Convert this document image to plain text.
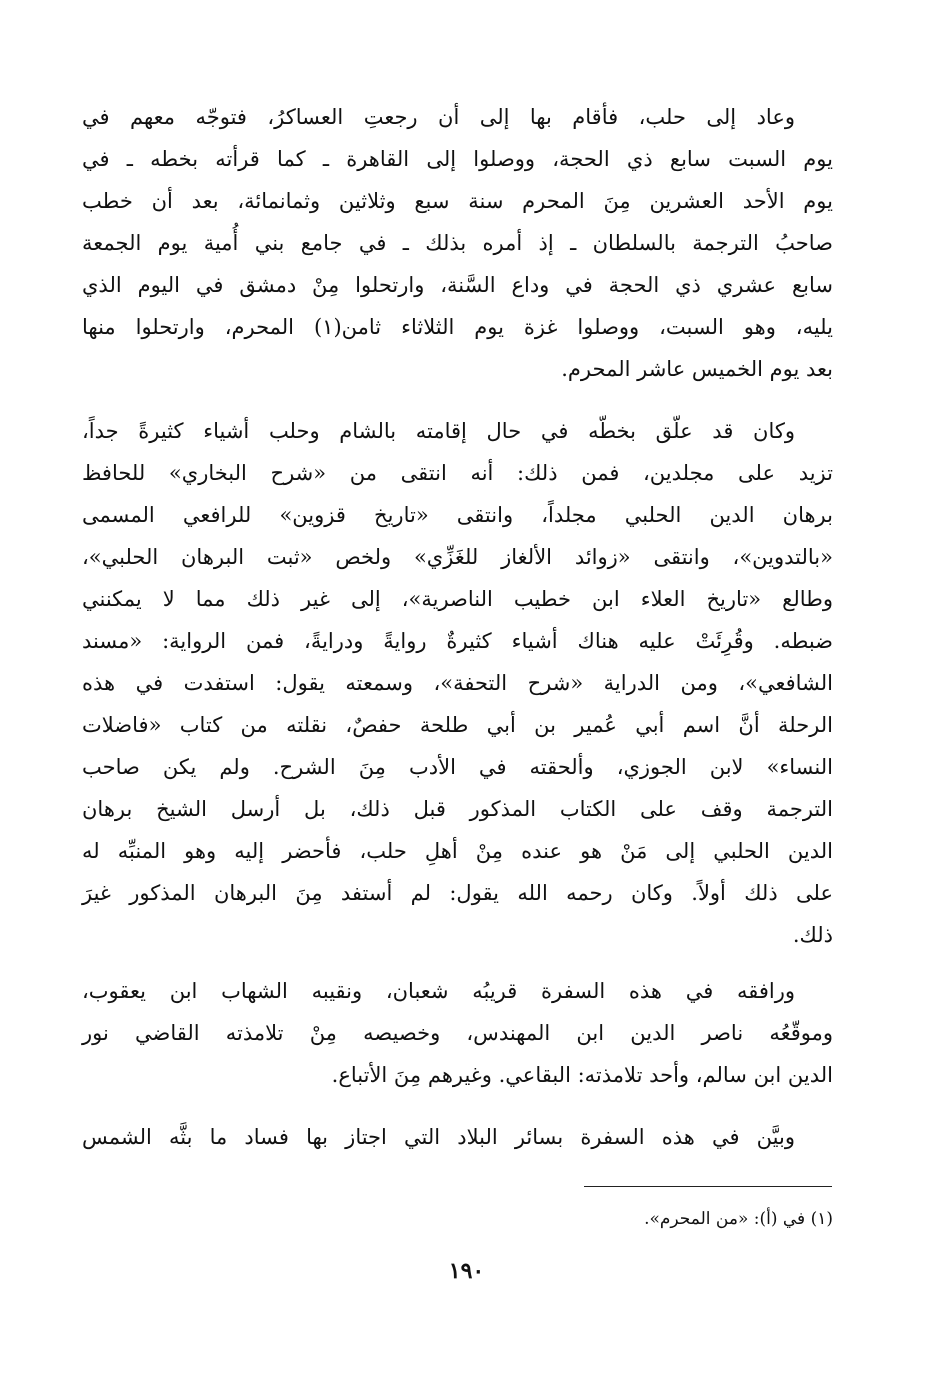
وعاد إلى حلب، فأقام بها إلى أن رجعتِ العساكرُ، فتوجّه معهم في
يوم السبت سابع ذي الحجة، ووصلوا إلى القاهرة ـ كما قرأته بخطه ـ في
يوم الأحد العشرين مِنَ المحرم سنة سبع وثلاثين وثمانمائة، بعد أن خطب
صاحبُ الترجمة بالسلطان ـ إذ أمره بذلك ـ في جامع بني أُمية يوم الجمعة
سابع عشري ذي الحجة في وداع السَّنة، وارتحلوا مِنْ دمشق في اليوم الذي
يليه، وهو السبت، ووصلوا غزة يوم الثلاثاء ثامن(١) المحرم، وارتحلوا منها
بعد يوم الخميس عاشر المحرم.
وكان قد علّق بخطّه في حال إقامته بالشام وحلب أشياء كثيرةً جداً،
تزيد على مجلدين، فمن ذلك: أنه انتقى من «شرح البخاري» للحافظ
برهان الدين الحلبي مجلداً، وانتقى «تاريخ قزوين» للرافعي المسمى
«بالتدوين»، وانتقى «زوائد الألغاز للغَزِّي» ولخص «ثبت البرهان الحلبي»،
وطالع «تاريخ العلاء ابن خطيب الناصرية»، إلى غير ذلك مما لا يمكنني
ضبطه. وقُرِئَتْ عليه هناك أشياء كثيرةٌ روايةً ودرايةً، فمن الرواية: «مسند
الشافعي»، ومن الدراية «شرح التحفة»، وسمعته يقول: استفدت في هذه
الرحلة أنَّ اسم أبي عُمير بن أبي طلحة حفصٌ، نقلته من كتاب «فاضلات
النساء» لابن الجوزي، وألحقته في الأدب مِنَ الشرح. ولم يكن صاحب
الترجمة وقف على الكتاب المذكور قبل ذلك، بل أرسل الشيخ برهان
الدين الحلبي إلى مَنْ هو عنده مِنْ أهلِ حلب، فأحضر إليه وهو المنبِّه له
على ذلك أولاً. وكان رحمه الله يقول: لم أستفد مِنَ البرهان المذكور غيرَ
ذلك.
ورافقه في هذه السفرة قريبُه شعبان، ونقيبه الشهاب ابن يعقوب،
وموقّعُه ناصر الدين ابن المهندس، وخصيصه مِنْ تلامذته القاضي نور
الدين ابن سالم، وأحد تلامذته: البقاعي. وغيرهم مِنَ الأتباع.
وبيَّن في هذه السفرة بسائر البلاد التي اجتاز بها فساد ما بثَّه الشمس
(١) في (أ): «من المحرم».
١٩٠
